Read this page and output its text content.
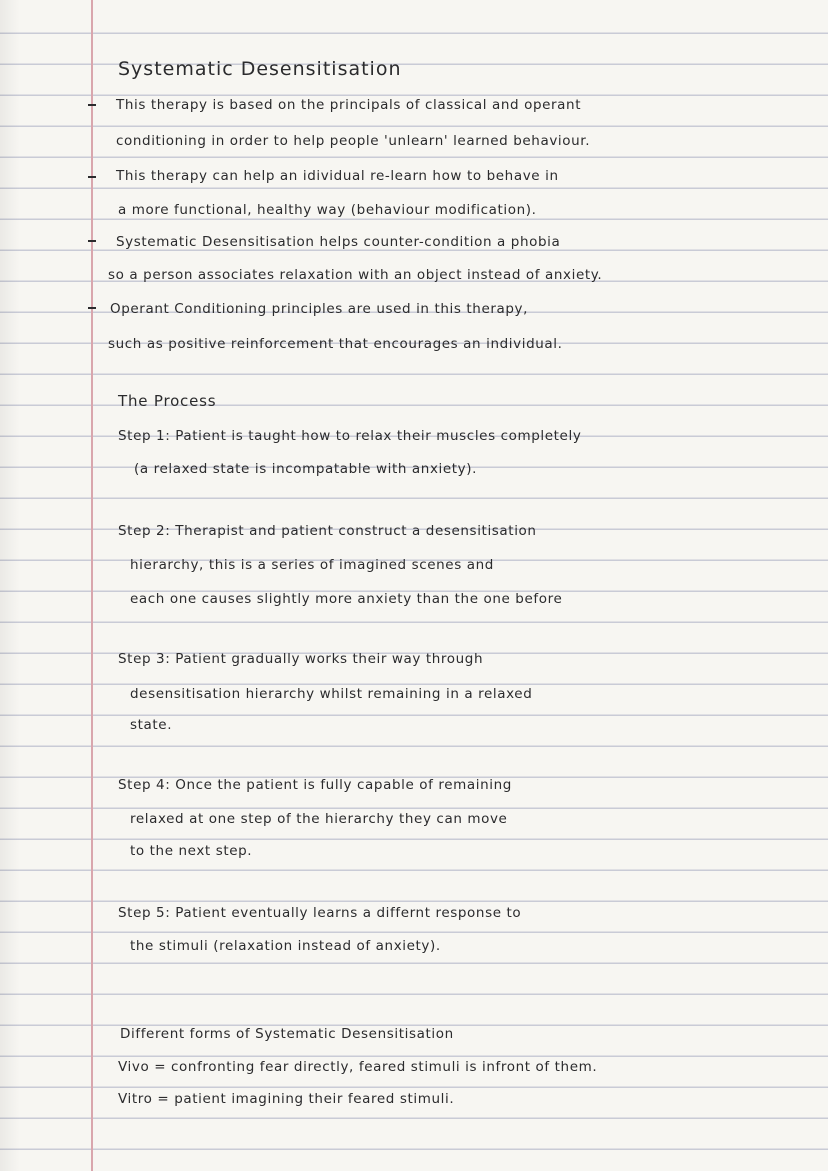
Systematic Desensitisation
This therapy is based on the principals of classical and operant
conditioning in order to help people 'unlearn' learned behaviour.
This therapy can help an idividual re-learn how to behave in
a more functional, healthy way (behaviour modification).
Systematic Desensitisation helps counter-condition a phobia
so a person associates relaxation with an object instead of anxiety.
Operant Conditioning principles are used in this therapy,
such as positive reinforcement that encourages an individual.
The Process
Step 1: Patient is taught how to relax their muscles completely
(a relaxed state is incompatable with anxiety).
Step 2: Therapist and patient construct a desensitisation
hierarchy, this is a series of imagined scenes and
each one causes slightly more anxiety than the one before
Step 3: Patient gradually works their way through
desensitisation hierarchy whilst remaining in a relaxed
state.
Step 4: Once the patient is fully capable of remaining
relaxed at one step of the hierarchy they can move
to the next step.
Step 5: Patient eventually learns a differnt response to
the stimuli (relaxation instead of anxiety).
Different forms of Systematic Desensitisation
Vivo = confronting fear directly, feared stimuli is infront of them.
Vitro = patient imagining their feared stimuli.
